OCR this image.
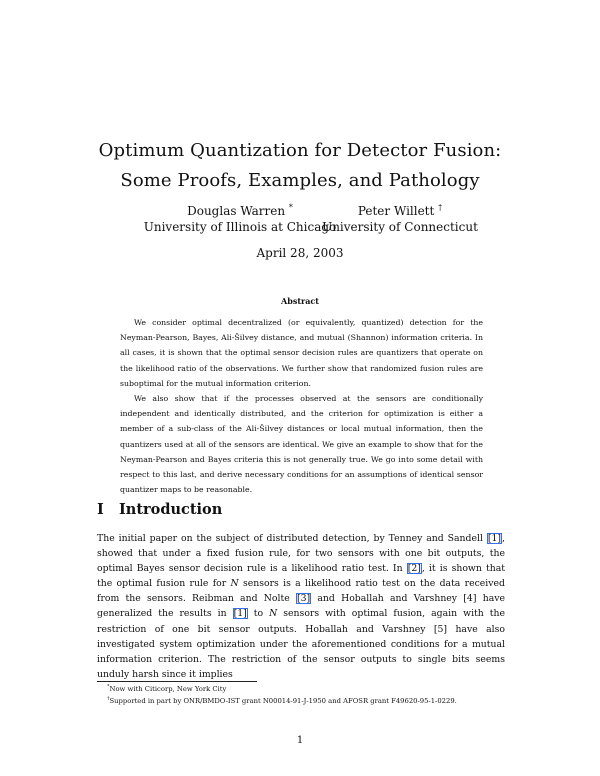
Optimum Quantization for Detector Fusion:
Some Proofs, Examples, and Pathology
Douglas Warren *
University of Illinois at Chicago
Peter Willett †
University of Connecticut
April 28, 2003
Abstract

We consider optimal decentralized (or equivalently, quantized) detection for the Neyman-Pearson, Bayes, Ali-Šilvey distance, and mutual (Shannon) information criteria. In all cases, it is shown that the optimal sensor decision rules are quantizers that operate on the likelihood ratio of the observations. We further show that randomized fusion rules are suboptimal for the mutual information criterion.

We also show that if the processes observed at the sensors are conditionally independent and identically distributed, and the criterion for optimization is either a member of a sub-class of the Ali-Šilvey distances or local mutual information, then the quantizers used at all of the sensors are identical. We give an example to show that for the Neyman-Pearson and Bayes criteria this is not generally true. We go into some detail with respect to this last, and derive necessary conditions for an assumptions of identical sensor quantizer maps to be reasonable.

I Introduction

The initial paper on the subject of distributed detection, by Tenney and Sandell [1], showed that under a fixed fusion rule, for two sensors with one bit outputs, the optimal Bayes sensor decision rule is a likelihood ratio test. In [2], it is shown that the optimal fusion rule for N sensors is a likelihood ratio test on the data received from the sensors. Reibman and Nolte [3] and Hoballah and Varshney [4] have generalized the results in [1] to N sensors with optimal fusion, again with the restriction of one bit sensor outputs. Hoballah and Varshney [5] have also investigated system optimization under the aforementioned conditions for a mutual information criterion. The restriction of the sensor outputs to single bits seems unduly harsh since it implies

*Now with Citicorp, New York City
†Supported in part by ONR/BMDO-IST grant N00014-91-J-1950 and AFOSR grant F49620-95-1-0229.
1
